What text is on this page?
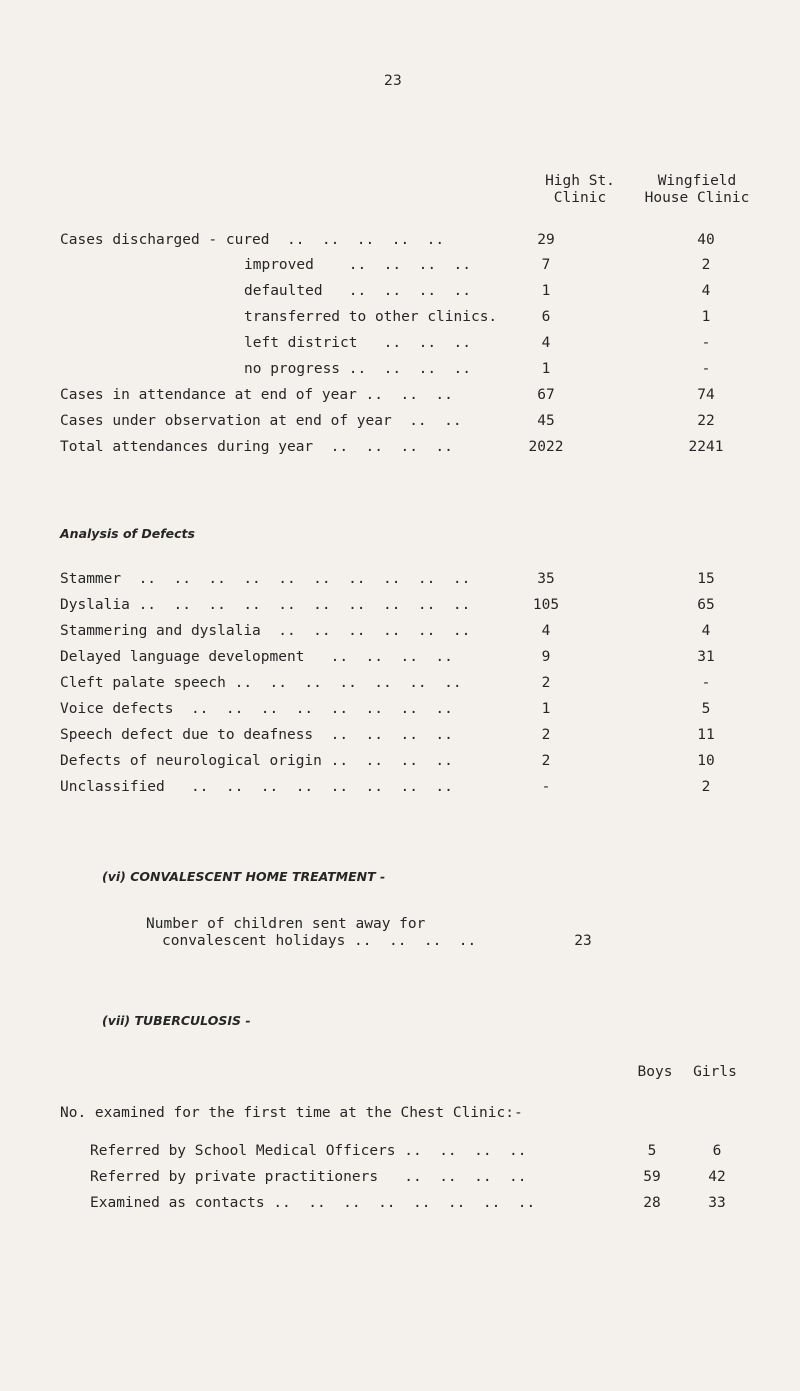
23
High St.
Clinic
Wingfield
House Clinic
Cases discharged - cured  ..  ..  ..  ..  ..	29	40
improved    ..  ..  ..  ..	7	2
defaulted   ..  ..  ..  ..	1	4
transferred to other clinics.	6	1
left district   ..  ..  ..	4	-
no progress ..  ..  ..  ..	1	-
Cases in attendance at end of year ..  ..  ..	67	74
Cases under observation at end of year  ..  ..	45	22
Total attendances during year  ..  ..  ..  ..	2022	2241
Analysis of Defects
Stammer  ..  ..  ..  ..  ..  ..  ..  ..  ..  ..	35	15
Dyslalia ..  ..  ..  ..  ..  ..  ..  ..  ..  ..	105	65
Stammering and dyslalia  ..  ..  ..  ..  ..  ..	4	4
Delayed language development   ..  ..  ..  ..	9	31
Cleft palate speech ..  ..  ..  ..  ..  ..  ..	2	-
Voice defects  ..  ..  ..  ..  ..  ..  ..  ..	1	5
Speech defect due to deafness  ..  ..  ..  ..	2	11
Defects of neurological origin ..  ..  ..  ..	2	10
Unclassified   ..  ..  ..  ..  ..  ..  ..  ..	-	2
(vi) CONVALESCENT HOME TREATMENT -
Number of children sent away for
convalescent holidays ..  ..  ..  ..	23
(vii) TUBERCULOSIS -
Boys	Girls
No. examined for the first time at the Chest Clinic:-
Referred by School Medical Officers ..  ..  ..  ..	5	6
Referred by private practitioners   ..  ..  ..  ..	59	42
Examined as contacts ..  ..  ..  ..  ..  ..  ..  ..	28	33
